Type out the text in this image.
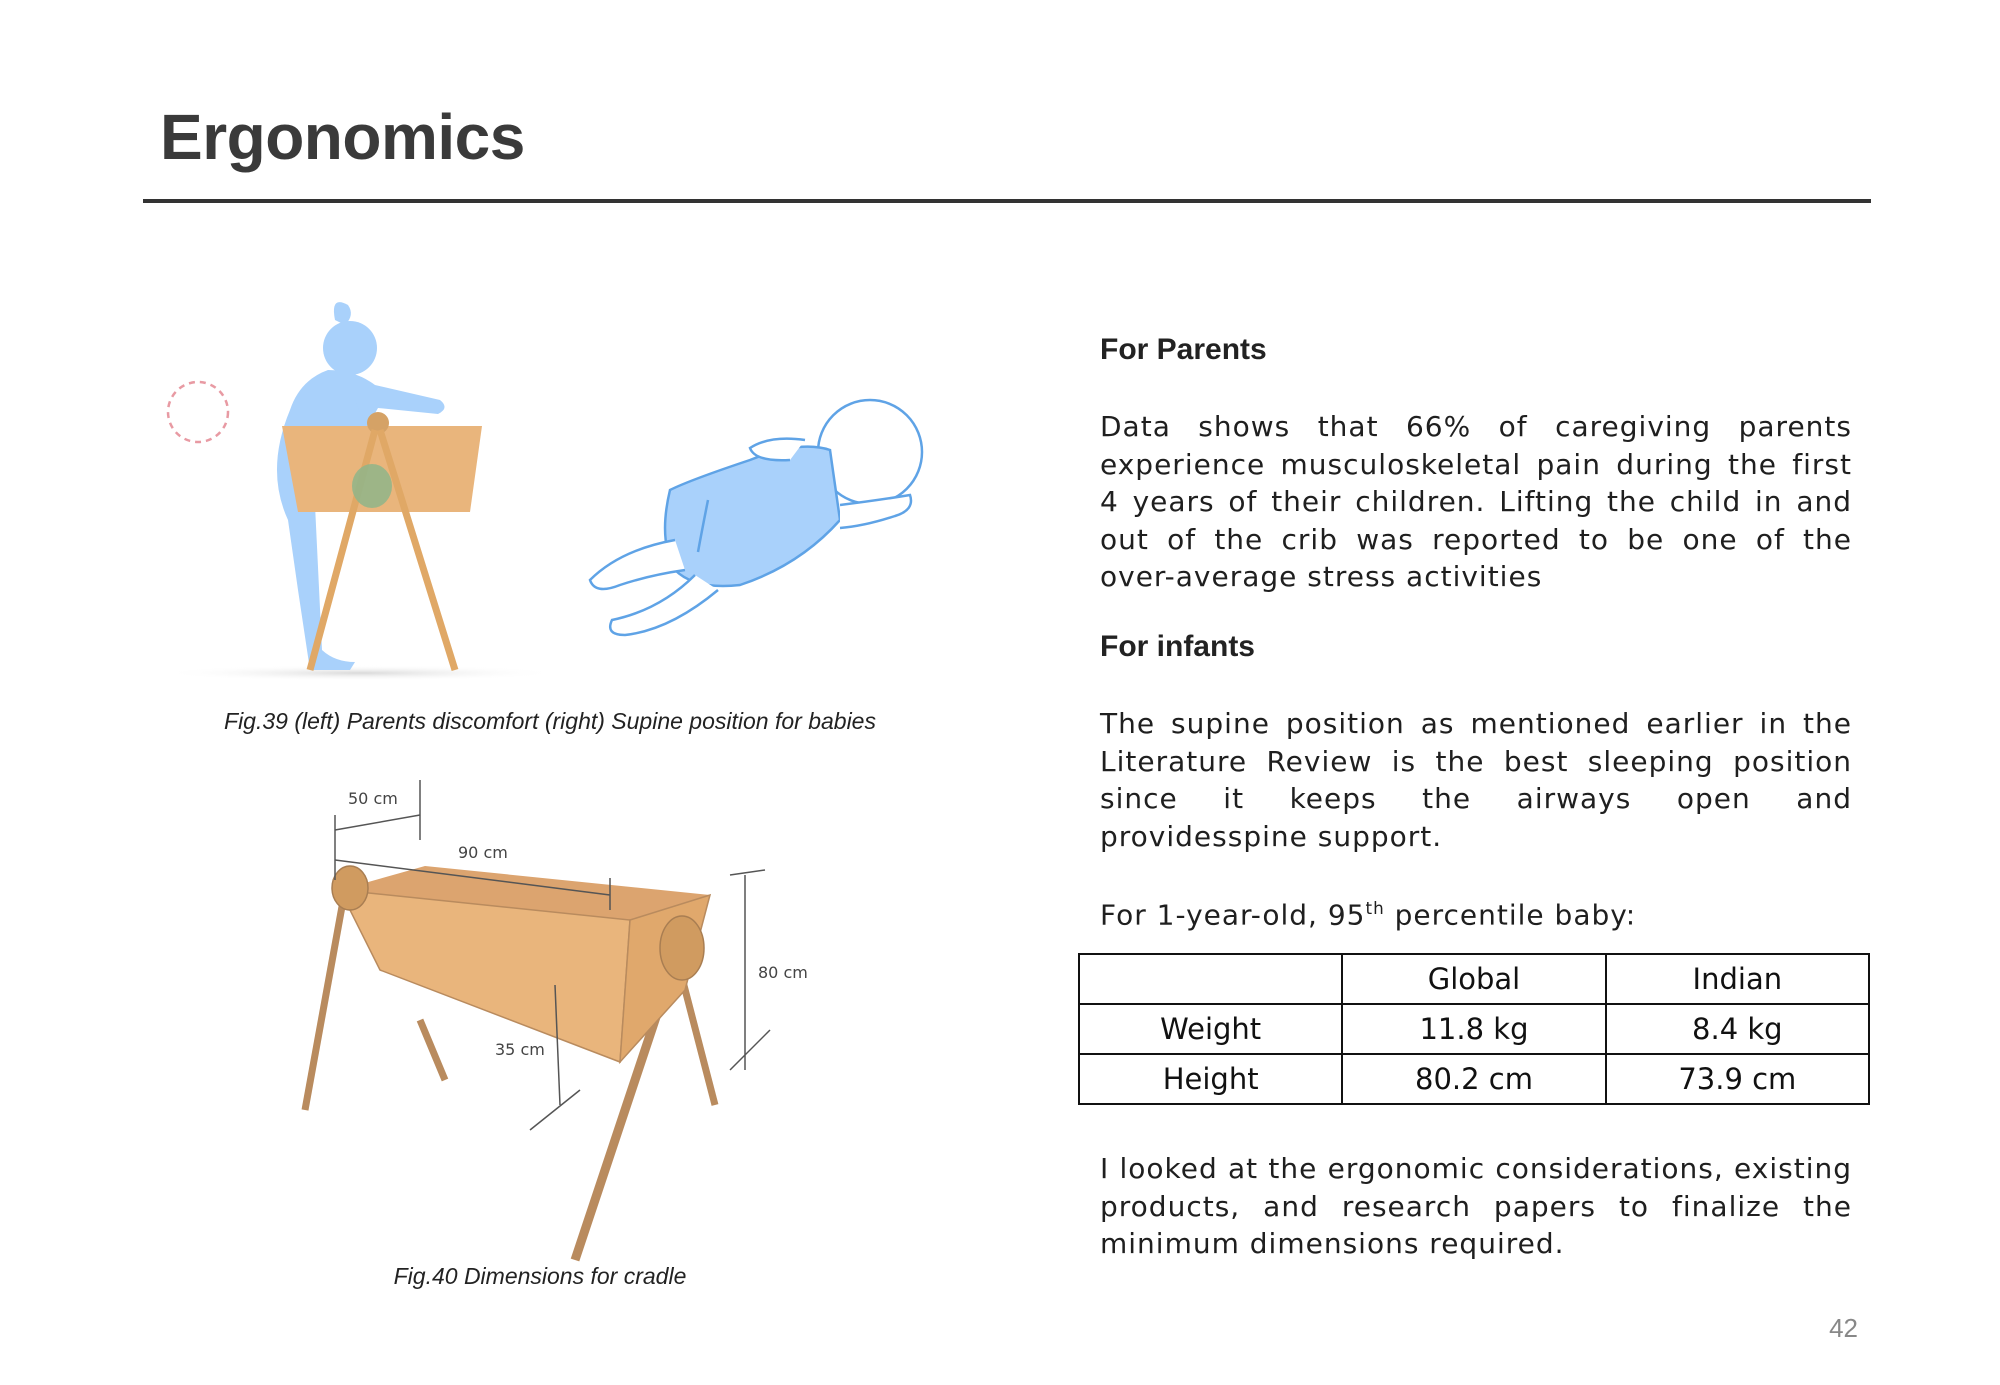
Ergonomics
Fig.39 (left) Parents discomfort (right) Supine position for babies
50 cm
90 cm
80 cm
35 cm
Fig.40 Dimensions for cradle
For Parents

Data shows that 66% of caregiving parents experience musculoskeletal pain during the first 4 years of their children. Lifting the child in and out of the crib was reported to be one of the over-average stress activities

For infants

The supine position as mentioned earlier in the Literature Review is the best sleeping position since it keeps the airways open and providesspine support.

For 1-year-old, 95th percentile baby:

	Global	Indian
Weight	11.8 kg	8.4 kg
Height	80.2 cm	73.9 cm

I looked at the ergonomic considerations, existing products, and research papers to finalize the minimum dimensions required.

42
